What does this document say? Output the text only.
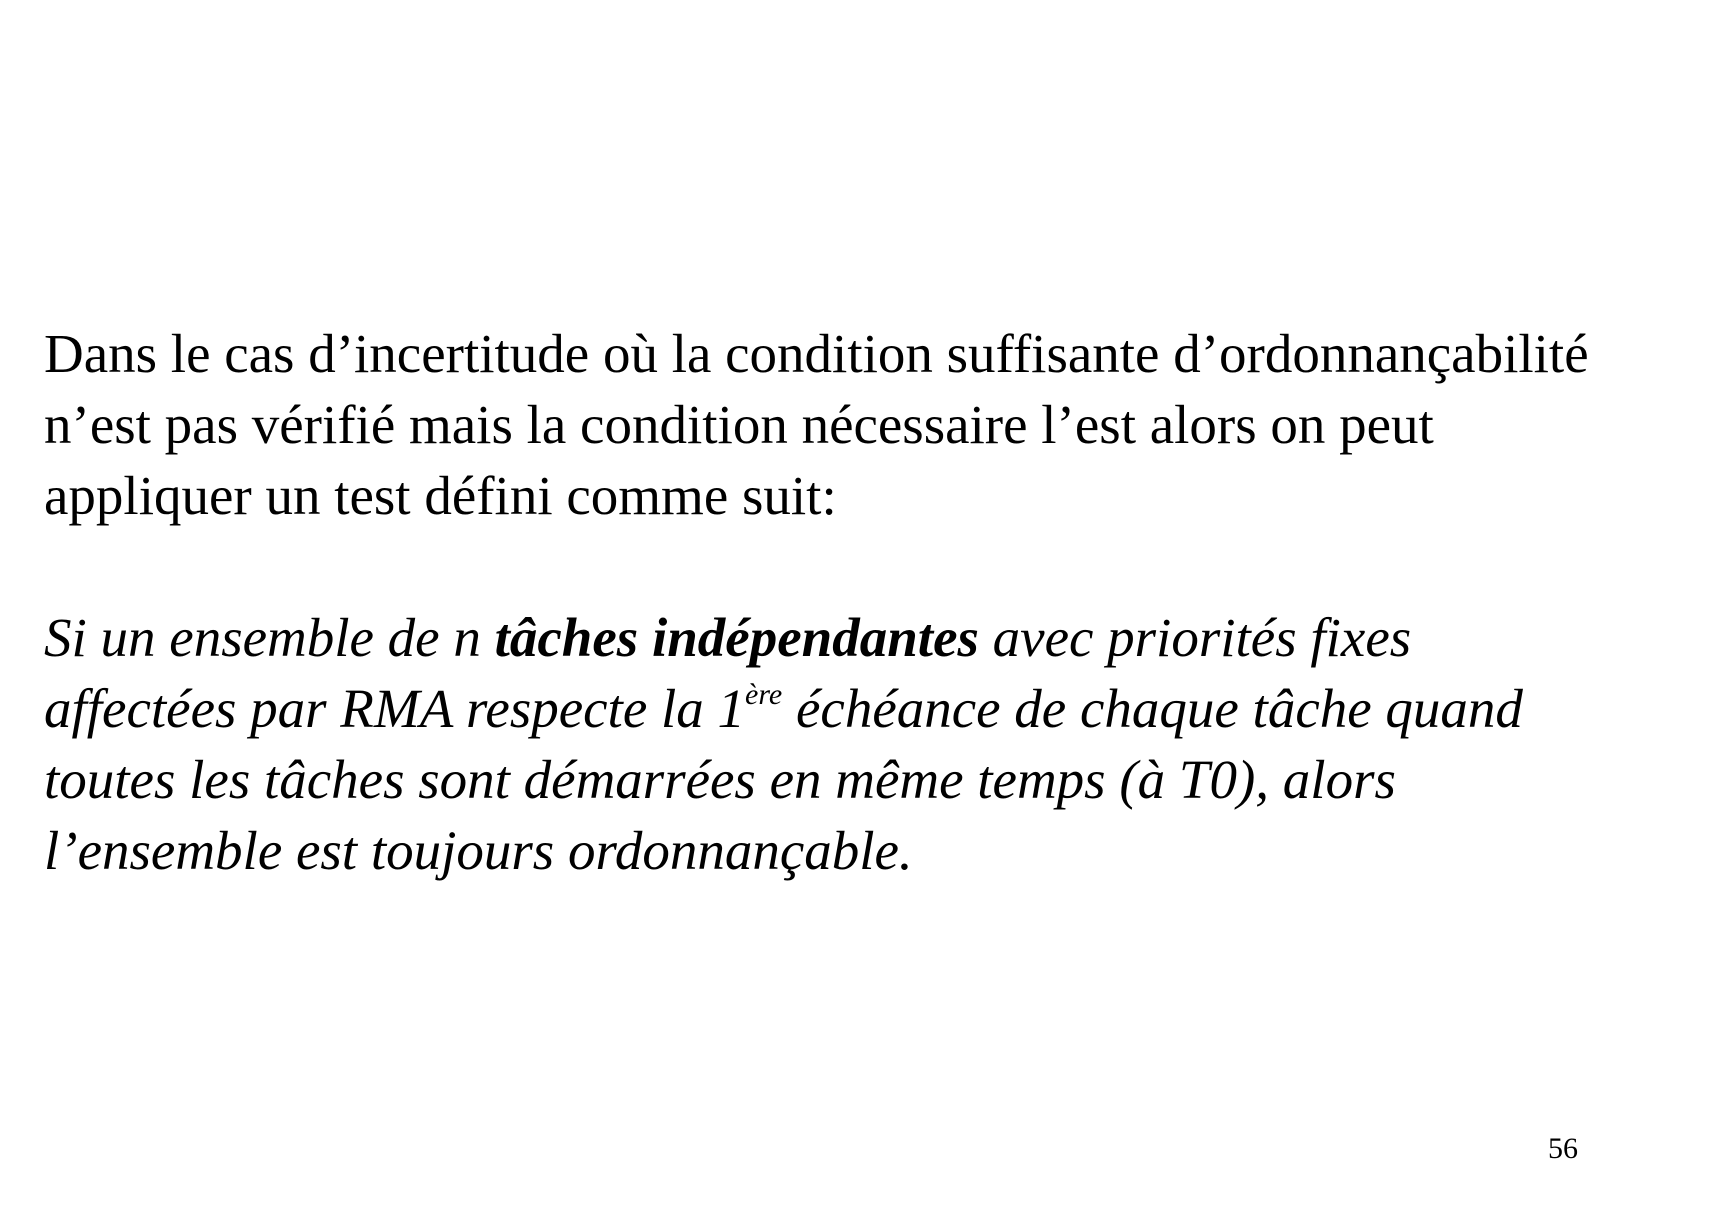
Dans le cas d’incertitude où la condition suffisante d’ordonnançabilité
n’est pas vérifié mais la condition nécessaire l’est alors on peut
appliquer un test défini comme suit:

Si un ensemble de n tâches indépendantes avec priorités fixes
affectées par RMA respecte la 1ère échéance de chaque tâche quand
toutes les tâches sont démarrées en même temps (à T0), alors
l’ensemble est toujours ordonnançable.

56
